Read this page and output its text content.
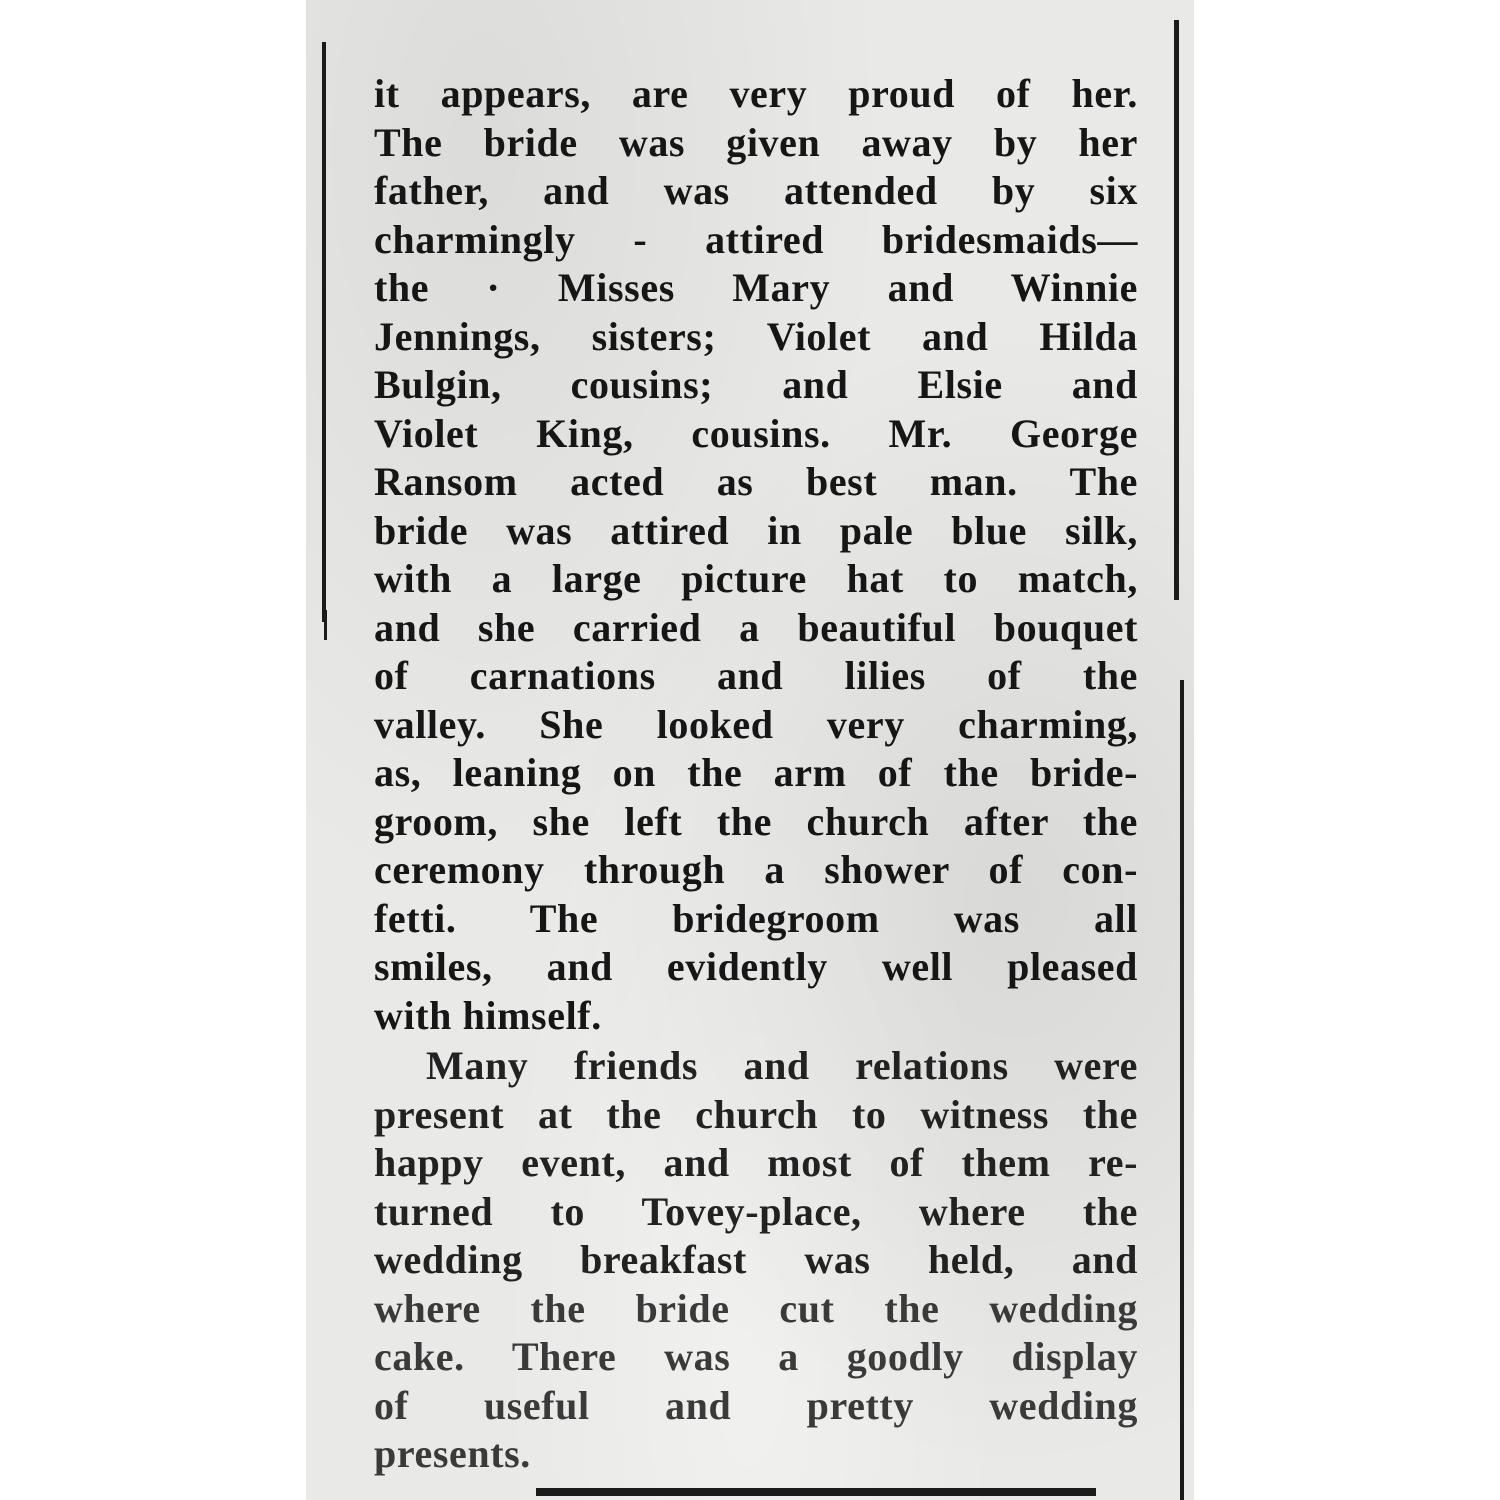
it appears, are very proud of her.

The bride was given away by her

father, and was attended by six

charmingly - attired bridesmaids—

the · Misses Mary and Winnie

Jennings, sisters; Violet and Hilda

Bulgin, cousins; and Elsie and

Violet King, cousins. Mr. George

Ransom acted as best man. The

bride was attired in pale blue silk,

with a large picture hat to match,

and she carried a beautiful bouquet

of carnations and lilies of the

valley. She looked very charming,

as, leaning on the arm of the bride-

groom, she left the church after the

ceremony through a shower of con-

fetti. The bridegroom was all

smiles, and evidently well pleased

with himself.

Many friends and relations were

present at the church to witness the

happy event, and most of them re-

turned to Tovey-place, where the

wedding breakfast was held, and

where the bride cut the wedding

cake. There was a goodly display

of useful and pretty wedding

presents.
